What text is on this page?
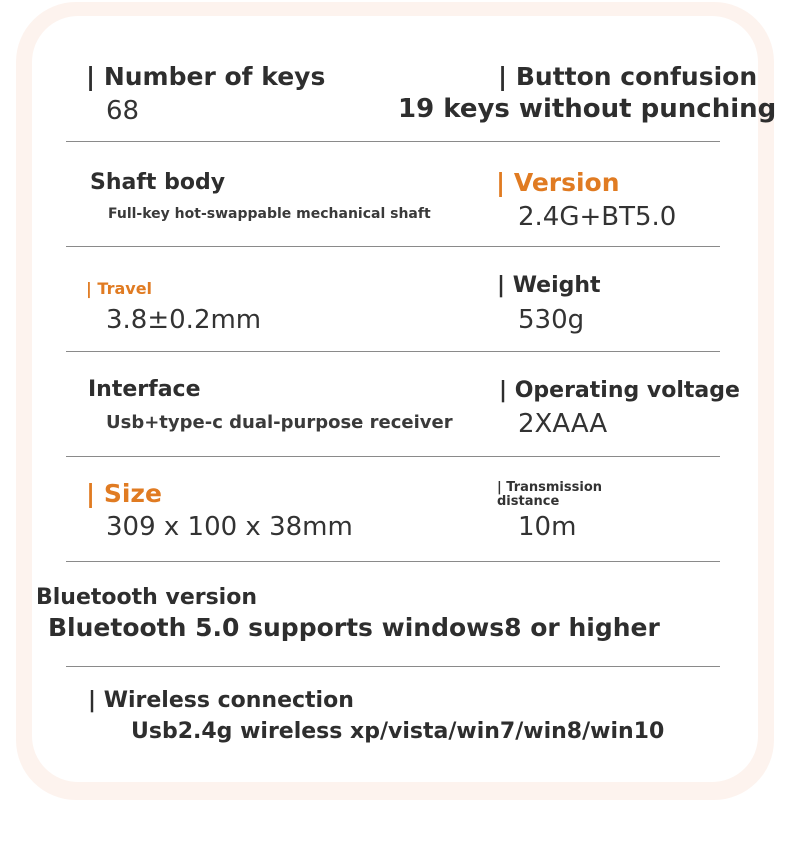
| Number of keys
68
| Button confusion
19 keys without punching
Shaft body
Full-key hot-swappable mechanical shaft
| Version
2.4G+BT5.0
| Travel
3.8±0.2mm
| Weight
530g
Interface
Usb+type-c dual-purpose receiver
| Operating voltage
2XAAA
| Size
309 x 100 x 38mm
| Transmission
distance
10m
Bluetooth version
Bluetooth 5.0 supports windows8 or higher
| Wireless connection
Usb2.4g wireless xp/vista/win7/win8/win10
